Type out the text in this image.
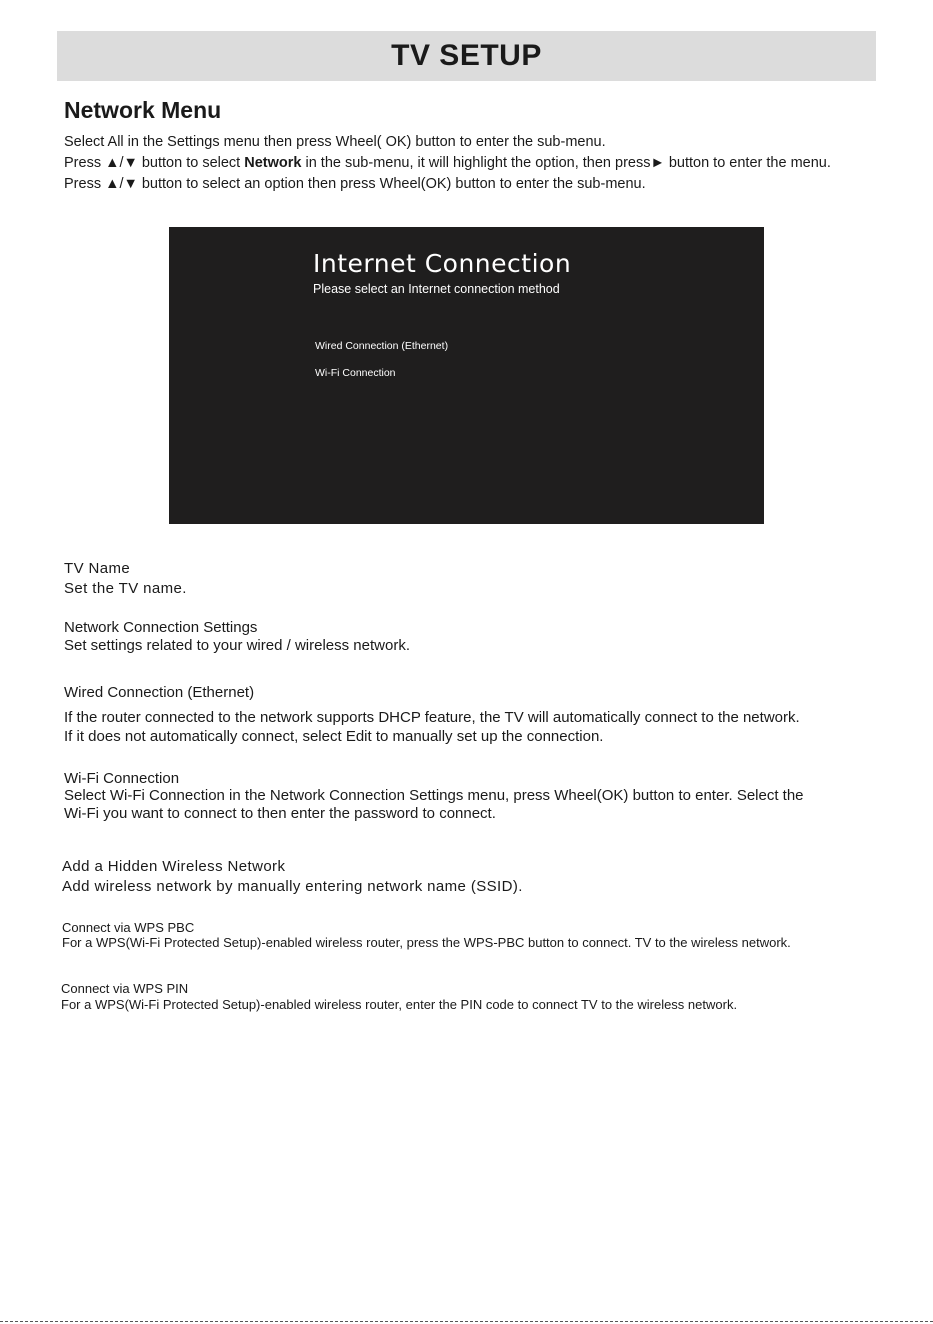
TV SETUP
Network Menu
Select All in the Settings menu then press Wheel( OK) button to enter the sub-menu.
Press ▲/▼ button to select Network in the sub-menu, it will highlight the option, then press► button to enter the menu.
Press ▲/▼ button to select an option then press Wheel(OK) button to enter the sub-menu.
Internet Connection
Please select an Internet connection method
Wired Connection (Ethernet)
Wi-Fi Connection
TV Name
Set the TV name.
Network Connection Settings
Set settings related to your wired / wireless network.
Wired Connection (Ethernet)
If the router connected to the network supports DHCP feature, the TV will automatically connect to the network.
If it does not automatically connect, select Edit to manually set up the connection.
Wi-Fi Connection
Select Wi-Fi Connection in the Network Connection Settings menu, press Wheel(OK) button to enter. Select the
Wi-Fi you want to connect to then enter the password to connect.
Add a Hidden Wireless Network
Add wireless network by manually entering network name (SSID).
Connect via WPS PBC
For a WPS(Wi-Fi Protected Setup)-enabled wireless router, press the WPS-PBC button to connect. TV to the wireless network.
Connect via WPS PIN
For a WPS(Wi-Fi Protected Setup)-enabled wireless router, enter the PIN code to connect TV to the wireless network.
